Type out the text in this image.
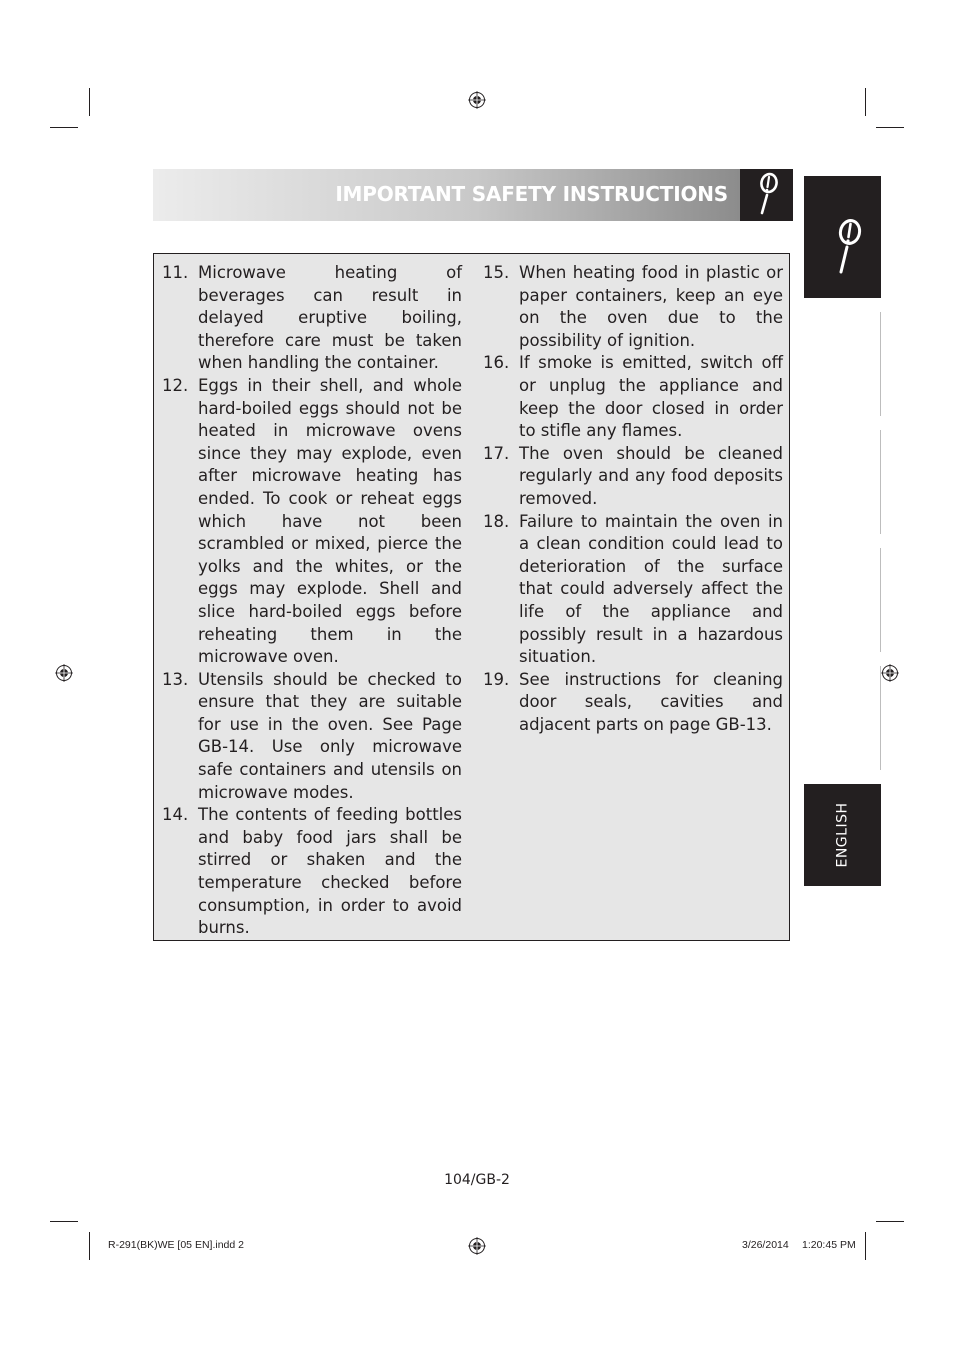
IMPORTANT SAFETY INSTRUCTIONS
ENGLISH
11. Microwave heating of beverages can result in delayed eruptive boiling, therefore care must be taken when handling the container.
12. Eggs in their shell, and whole hard-boiled eggs should not be heated in microwave ovens since they may explode, even after microwave heating has ended. To cook or reheat eggs which have not been scrambled or mixed, pierce the yolks and the whites, or the eggs may explode. Shell and slice hard-boiled eggs before reheating them in the microwave oven.
13. Utensils should be checked to ensure that they are suitable for use in the oven. See Page GB-14. Use only microwave safe containers and utensils on microwave modes.
14. The contents of feeding bottles and baby food jars shall be stirred or shaken and the temperature checked before consumption, in order to avoid burns.
15. When heating food in plastic or paper containers, keep an eye on the oven due to the possibility of ignition.
16. If smoke is emitted, switch off or unplug the appliance and keep the door closed in order to stifle any flames.
17. The oven should be cleaned regularly and any food deposits removed.
18. Failure to maintain the oven in a clean condition could lead to deterioration of the surface that could adversely affect the life of the appliance and possibly result in a hazardous situation.
19. See instructions for cleaning door seals, cavities and adjacent parts on page GB-13.
104/GB-2
R-291(BK)WE [05 EN].indd 2	3/26/2014 1:20:45 PM
